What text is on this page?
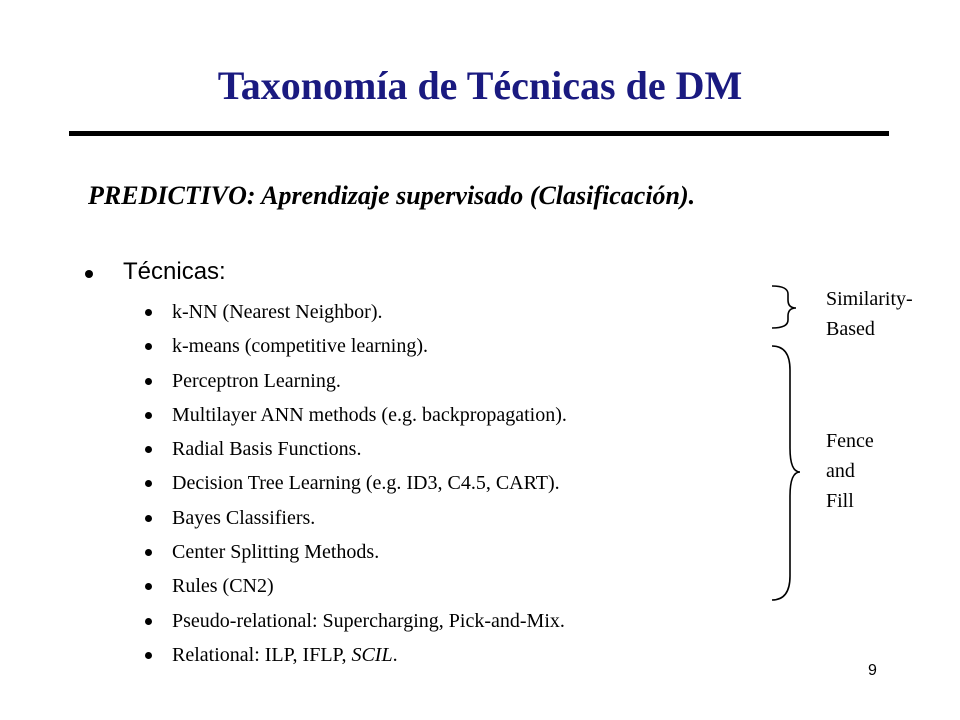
Taxonomía de Técnicas de DM

PREDICTIVO: Aprendizaje supervisado (Clasificación).

Técnicas:
k-NN (Nearest Neighbor).
k-means (competitive learning).
Perceptron Learning.
Multilayer ANN methods (e.g. backpropagation).
Radial Basis Functions.
Decision Tree Learning (e.g. ID3, C4.5, CART).
Bayes Classifiers.
Center Splitting Methods.
Rules (CN2)
Pseudo-relational: Supercharging, Pick-and-Mix.
Relational: ILP, IFLP, SCIL.
Similarity-
Based
Fence
and
Fill
9
